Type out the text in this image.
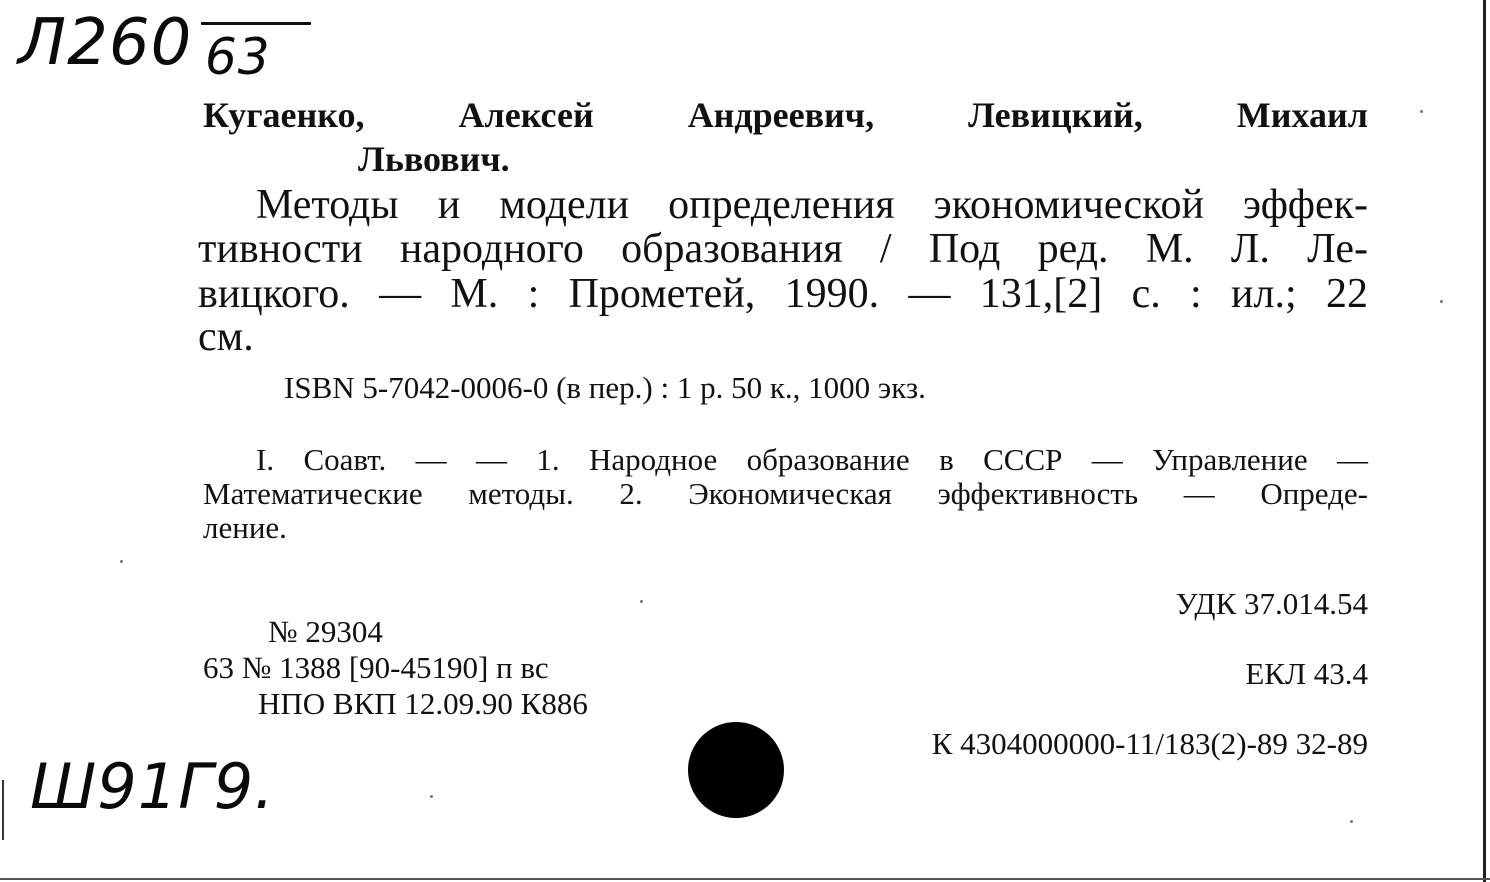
Л260 63
Ш91Г9.
Кугаенко,	Алексей	Андреевич,	Левицкий,	Михаил
Львович.
Методы и модели определения экономической эффек-
тивности народного образования / Под ред. М. Л. Ле-
вицкого. — М. : Прометей, 1990. — 131,[2] с. : ил.; 22
см.
ISBN 5-7042-0006-0 (в пер.) : 1 р. 50 к., 1000 экз.
I. Соавт. — — 1. Народное образование в СССР — Управление —
Математические методы. 2. Экономическая эффективность — Опреде-
ление.
УДК 37.014.54
ЕКЛ 43.4
К 4304000000-11/183(2)-89 32-89
№ 29304
63 № 1388 [90-45190] п вс
НПО ВКП 12.09.90 К886
